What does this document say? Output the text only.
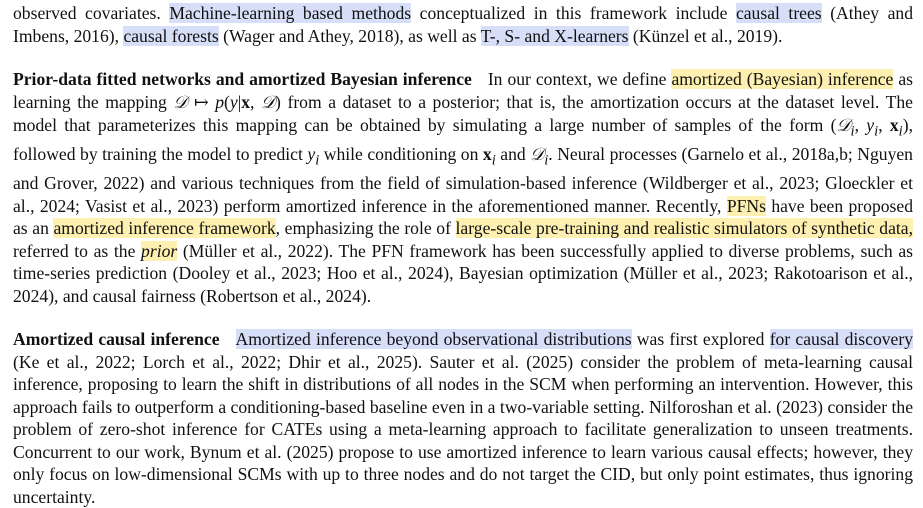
observed covariates. Machine-learning based methods conceptualized in this framework include causal trees (Athey and Imbens, 2016), causal forests (Wager and Athey, 2018), as well as T-, S- and X-learners (Künzel et al., 2019).

Prior-data fitted networks and amortized Bayesian inference In our context, we define amortized (Bayesian) inference as learning the mapping 𝒟 ↦ p(y|x, 𝒟) from a dataset to a posterior; that is, the amortization occurs at the dataset level. The model that parameterizes this mapping can be obtained by simulating a large number of samples of the form (𝒟$_i$, $y_i$, $x_i$), followed by training the model to predict $y_i$ while conditioning on $x_i$ and 𝒟$_i$. Neural processes (Garnelo et al., 2018a,b; Nguyen and Grover, 2022) and various techniques from the field of simulation-based inference (Wildberger et al., 2023; Gloeckler et al., 2024; Vasist et al., 2023) perform amortized inference in the aforementioned manner. Recently, PFNs have been proposed as an amortized inference framework, emphasizing the role of large-scale pre-training and realistic simulators of synthetic data, referred to as the prior (Müller et al., 2022). The PFN framework has been successfully applied to diverse problems, such as time-series prediction (Dooley et al., 2023; Hoo et al., 2024), Bayesian optimization (Müller et al., 2023; Rakotoarison et al., 2024), and causal fairness (Robertson et al., 2024).

Amortized causal inference Amortized inference beyond observational distributions was first explored for causal discovery (Ke et al., 2022; Lorch et al., 2022; Dhir et al., 2025). Sauter et al. (2025) consider the problem of meta-learning causal inference, proposing to learn the shift in distributions of all nodes in the SCM when performing an intervention. However, this approach fails to outperform a conditioning-based baseline even in a two-variable setting. Nilforoshan et al. (2023) consider the problem of zero-shot inference for CATEs using a meta-learning approach to facilitate generalization to unseen treatments. Concurrent to our work, Bynum et al. (2025) propose to use amortized inference to learn various causal effects; however, they only focus on low-dimensional SCMs with up to three nodes and do not target the CID, but only point estimates, thus ignoring uncertainty.
